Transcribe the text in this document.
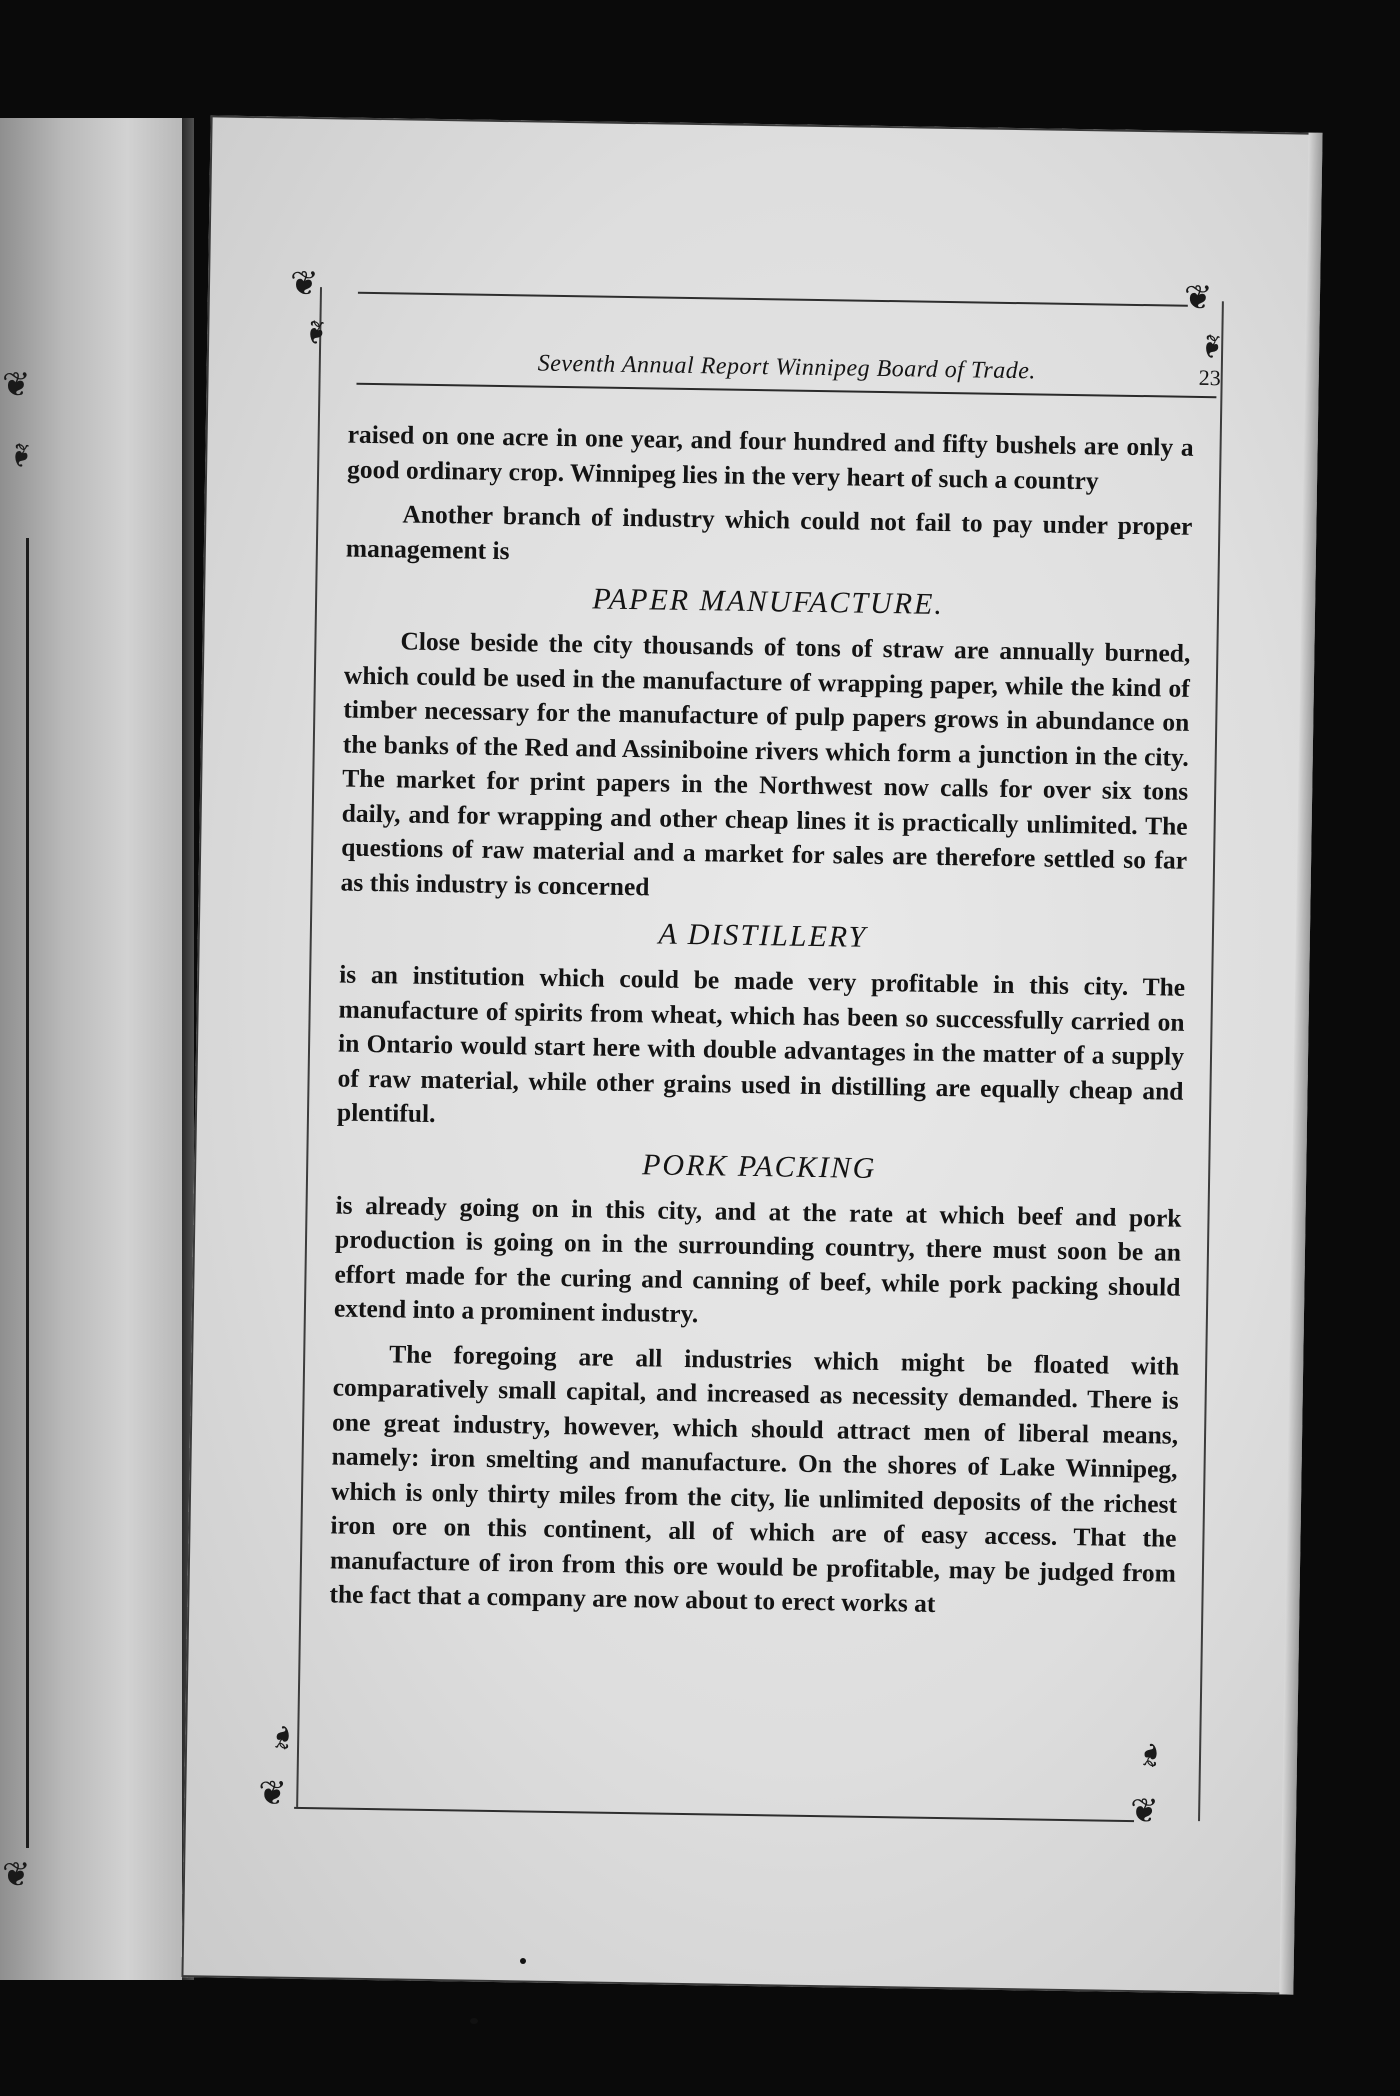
❦
❧
❦
❦
❧
❦
❧
❦
❧
❦
❧
Seventh Annual Report Winnipeg Board of Trade.	23

raised on one acre in one year, and four hundred and fifty bushels are only a good ordinary crop. Winnipeg lies in the very heart of such a country

Another branch of industry which could not fail to pay under proper management is

PAPER MANUFACTURE.

Close beside the city thousands of tons of straw are annually burned, which could be used in the manufacture of wrapping paper, while the kind of timber necessary for the manufacture of pulp papers grows in abundance on the banks of the Red and Assiniboine rivers which form a junction in the city. The market for print papers in the Northwest now calls for over six tons daily, and for wrapping and other cheap lines it is practically unlimited. The questions of raw material and a market for sales are therefore settled so far as this industry is concerned

A DISTILLERY

is an institution which could be made very profitable in this city. The manufacture of spirits from wheat, which has been so successfully carried on in Ontario would start here with double advantages in the matter of a supply of raw material, while other grains used in distilling are equally cheap and plentiful.

PORK PACKING

is already going on in this city, and at the rate at which beef and pork production is going on in the surrounding country, there must soon be an effort made for the curing and canning of beef, while pork packing should extend into a prominent industry.

The foregoing are all industries which might be floated with comparatively small capital, and increased as necessity demanded. There is one great industry, however, which should attract men of liberal means, namely: iron smelting and manufacture. On the shores of Lake Winnipeg, which is only thirty miles from the city, lie unlimited deposits of the richest iron ore on this continent, all of which are of easy access. That the manufacture of iron from this ore would be profitable, may be judged from the fact that a company are now about to erect works at
